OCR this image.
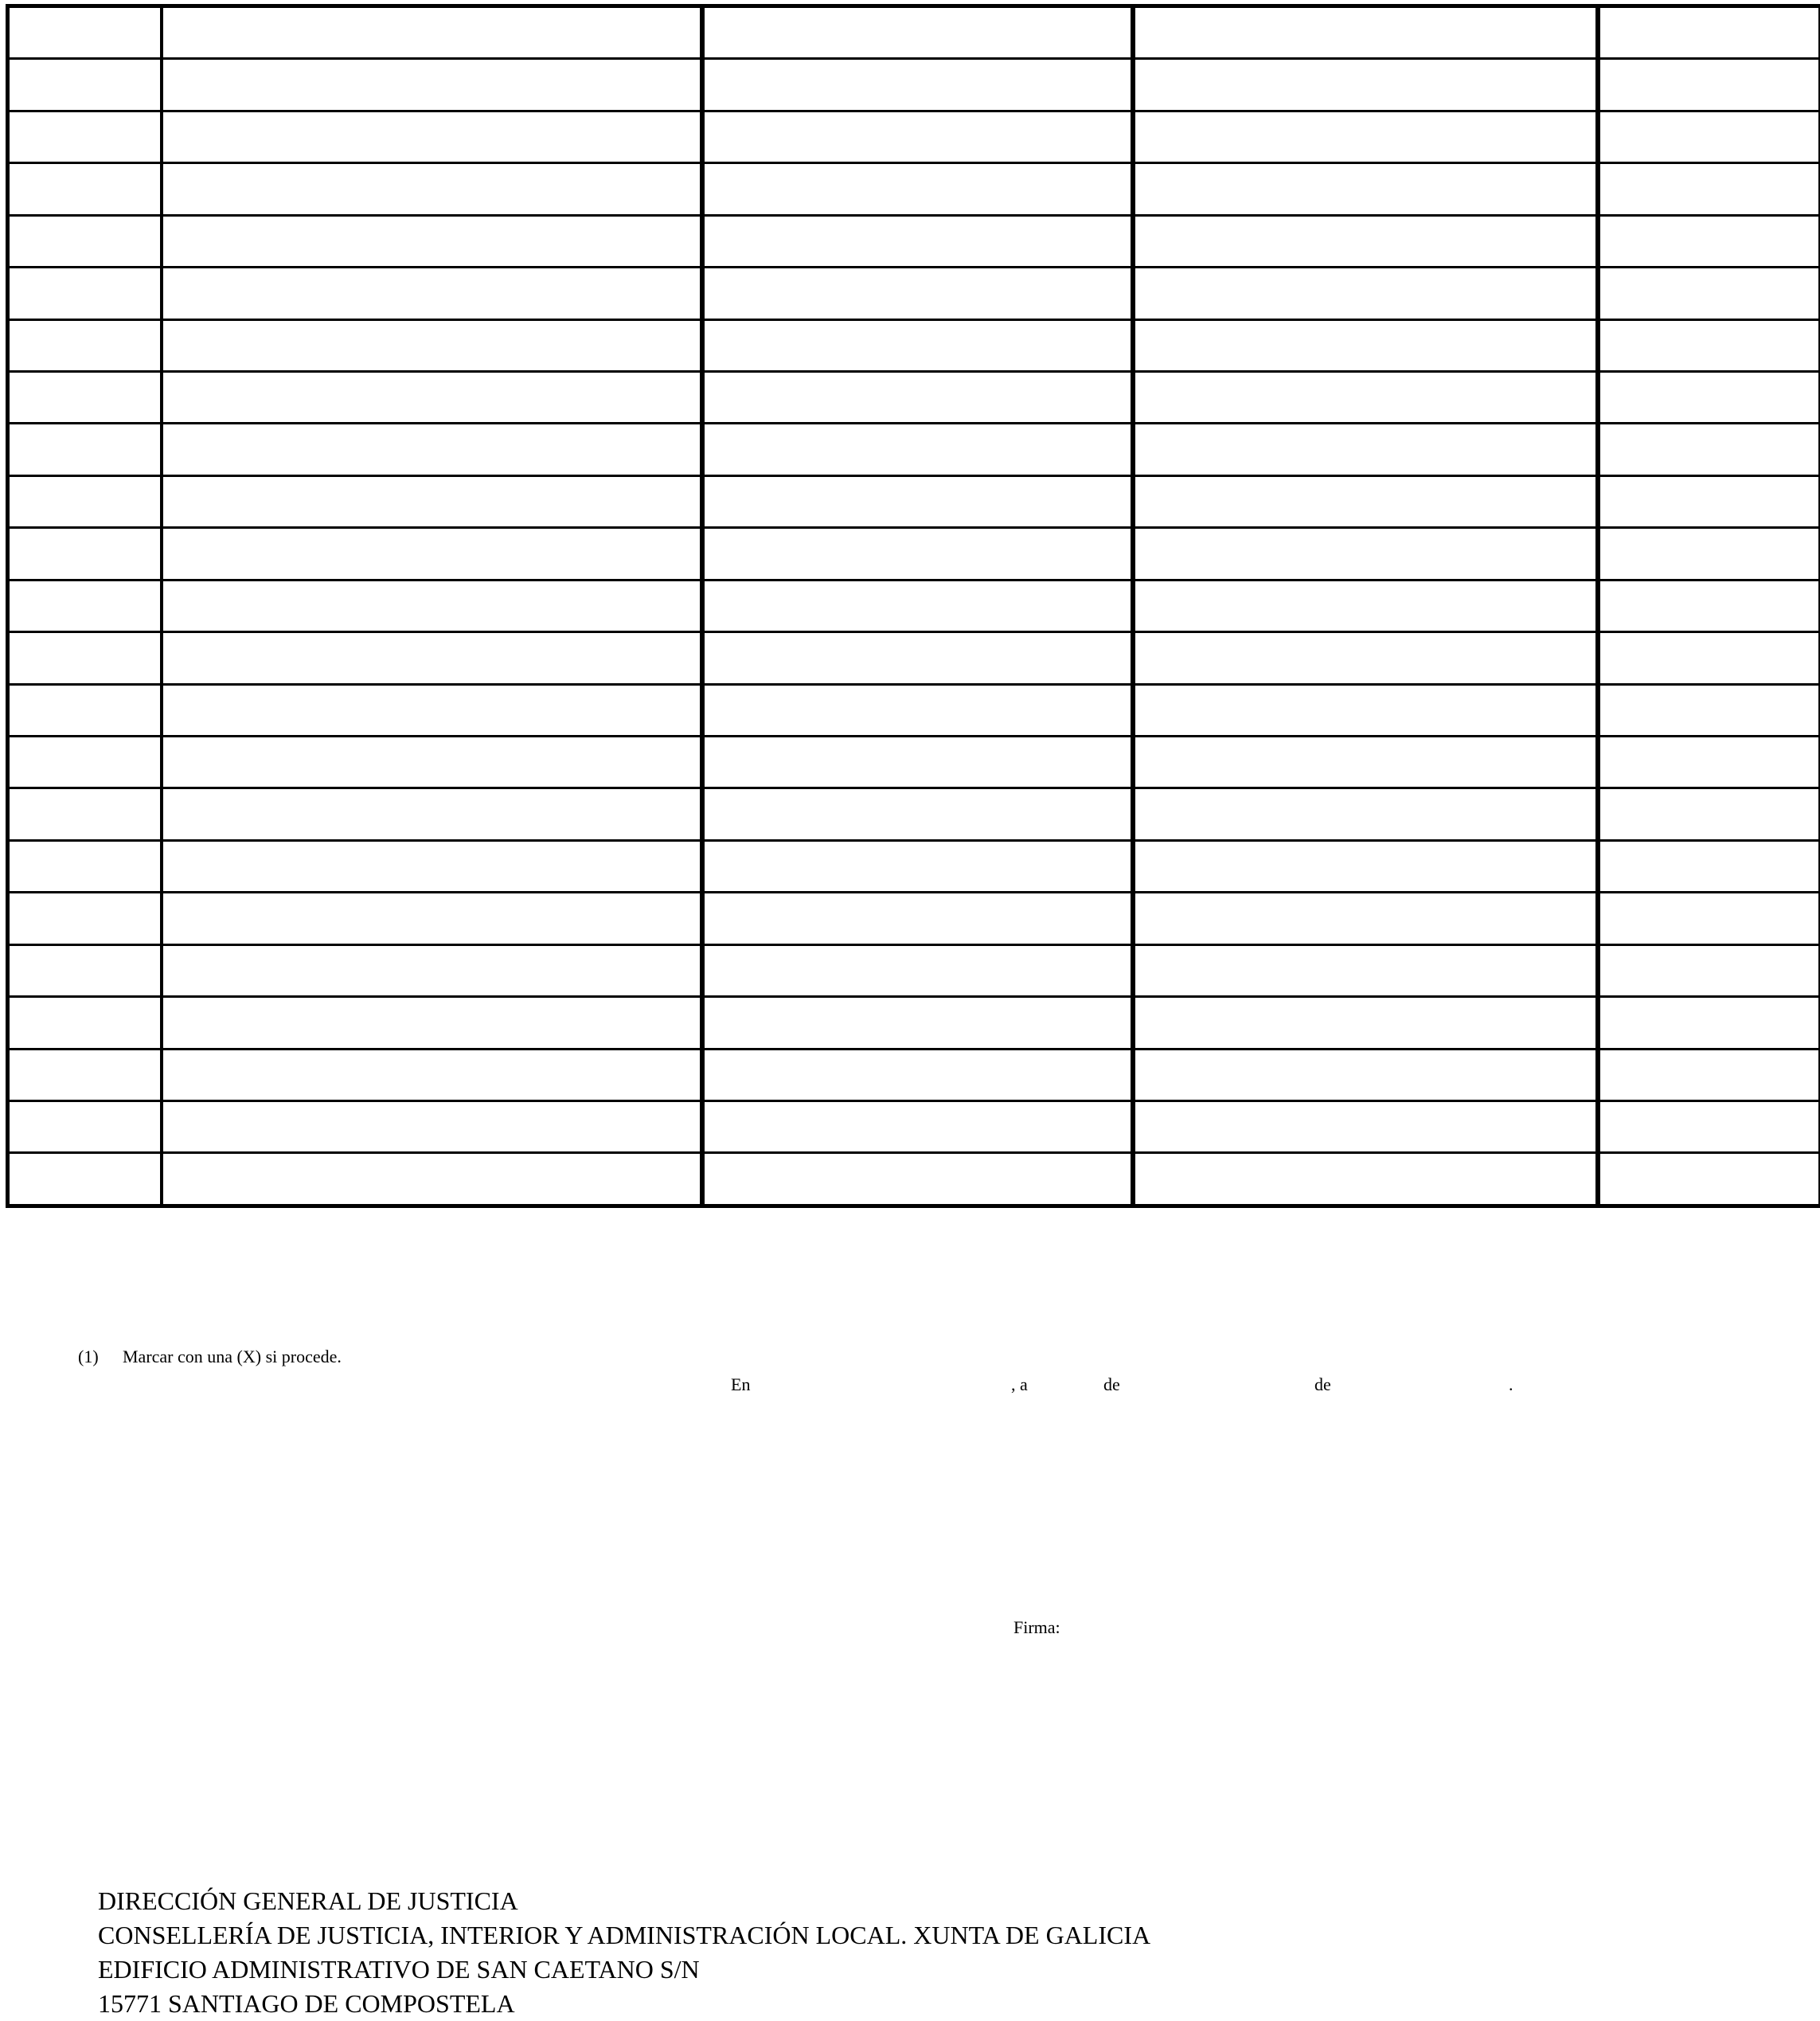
(1) Marcar con una (X) si procede.
En	, a	de	de	.
Firma:
DIRECCIÓN GENERAL DE JUSTICIA
CONSELLERÍA DE JUSTICIA, INTERIOR Y ADMINISTRACIÓN LOCAL. XUNTA DE GALICIA
EDIFICIO ADMINISTRATIVO DE SAN CAETANO S/N
15771 SANTIAGO DE COMPOSTELA
